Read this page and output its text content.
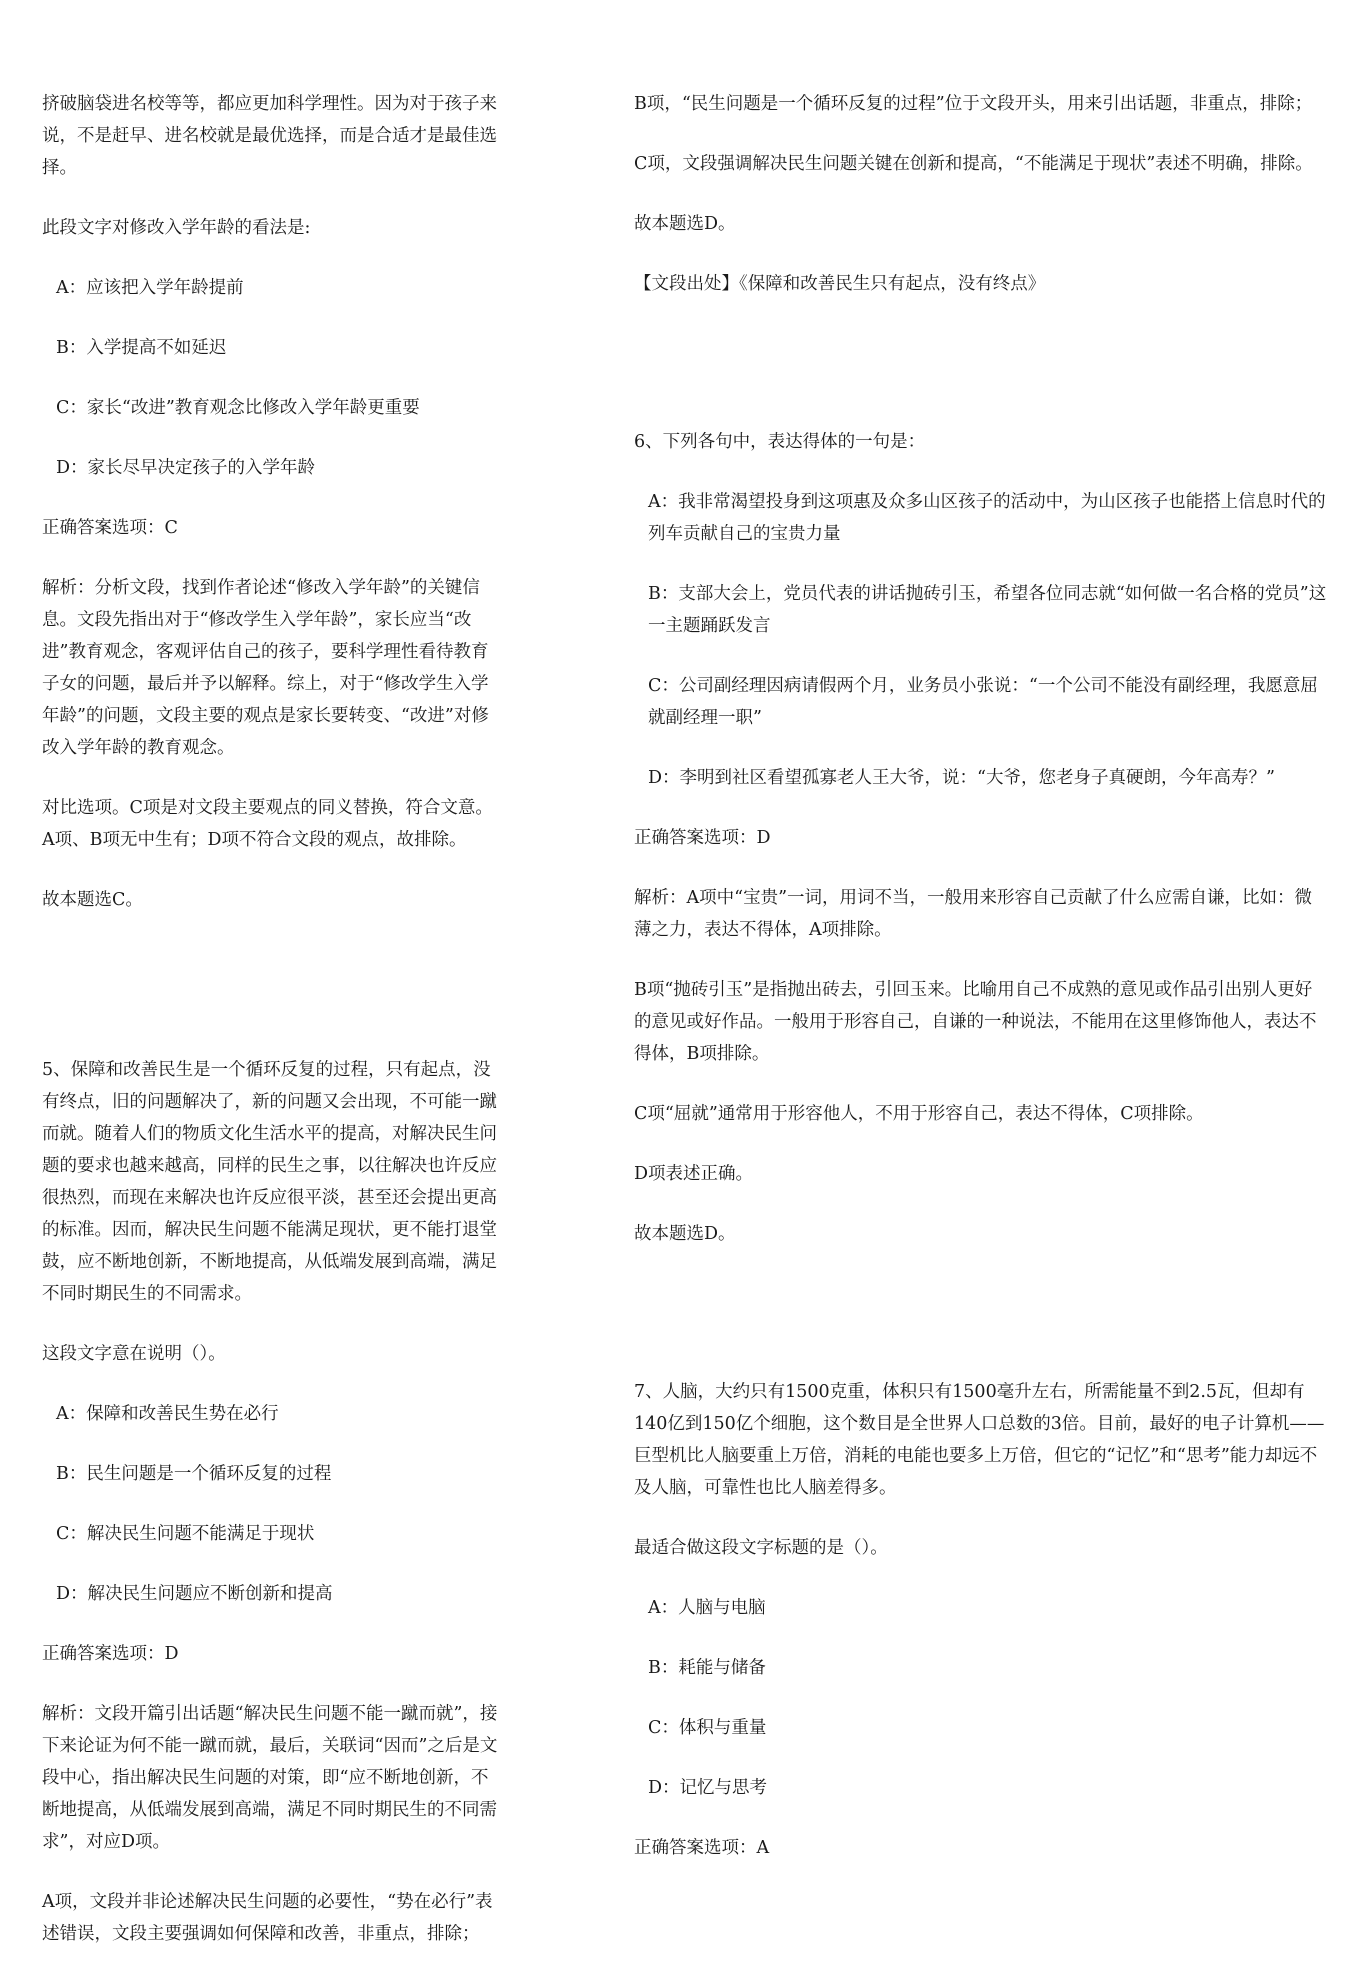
挤破脑袋进名校等等，都应更加科学理性。因为对于孩子来说，不是赶早、进名校就是最优选择，而是合适才是最佳选择。

此段文字对修改入学年龄的看法是:

A：应该把入学年龄提前

B：入学提高不如延迟

C：家长“改进”教育观念比修改入学年龄更重要

D：家长尽早决定孩子的入学年龄

正确答案选项：C

解析：分析文段，找到作者论述“修改入学年龄”的关键信息。文段先指出对于“修改学生入学年龄”，家长应当“改进”教育观念，客观评估自己的孩子，要科学理性看待教育子女的问题，最后并予以解释。综上，对于“修改学生入学年龄”的问题，文段主要的观点是家长要转变、“改进”对修改入学年龄的教育观念。

对比选项。C项是对文段主要观点的同义替换，符合文意。A项、B项无中生有；D项不符合文段的观点，故排除。

故本题选C。

5、保障和改善民生是一个循环反复的过程，只有起点，没有终点，旧的问题解决了，新的问题又会出现，不可能一蹴而就。随着人们的物质文化生活水平的提高，对解决民生问题的要求也越来越高，同样的民生之事，以往解决也许反应很热烈，而现在来解决也许反应很平淡，甚至还会提出更高的标准。因而，解决民生问题不能满足现状，更不能打退堂鼓，应不断地创新，不断地提高，从低端发展到高端，满足不同时期民生的不同需求。

这段文字意在说明（）。

A：保障和改善民生势在必行

B：民生问题是一个循环反复的过程

C：解决民生问题不能满足于现状

D：解决民生问题应不断创新和提高

正确答案选项：D

解析：文段开篇引出话题“解决民生问题不能一蹴而就”，接下来论证为何不能一蹴而就，最后，关联词“因而”之后是文段中心，指出解决民生问题的对策，即“应不断地创新，不断地提高，从低端发展到高端，满足不同时期民生的不同需求”，对应D项。

A项，文段并非论述解决民生问题的必要性，“势在必行”表述错误，文段主要强调如何保障和改善，非重点，排除；

B项，“民生问题是一个循环反复的过程”位于文段开头，用来引出话题，非重点，排除；

C项，文段强调解决民生问题关键在创新和提高，“不能满足于现状”表述不明确，排除。

故本题选D。

【文段出处】《保障和改善民生只有起点，没有终点》

6、下列各句中，表达得体的一句是：

A：我非常渴望投身到这项惠及众多山区孩子的活动中，为山区孩子也能搭上信息时代的列车贡献自己的宝贵力量

B：支部大会上，党员代表的讲话抛砖引玉，希望各位同志就“如何做一名合格的党员”这一主题踊跃发言

C：公司副经理因病请假两个月，业务员小张说：“一个公司不能没有副经理，我愿意屈就副经理一职”

D：李明到社区看望孤寡老人王大爷，说：“大爷，您老身子真硬朗，今年高寿？”

正确答案选项：D

解析：A项中“宝贵”一词，用词不当，一般用来形容自己贡献了什么应需自谦，比如：微薄之力，表达不得体，A项排除。

B项“抛砖引玉”是指抛出砖去，引回玉来。比喻用自己不成熟的意见或作品引出别人更好的意见或好作品。一般用于形容自己，自谦的一种说法，不能用在这里修饰他人，表达不得体，B项排除。

C项“屈就”通常用于形容他人，不用于形容自己，表达不得体，C项排除。

D项表述正确。

故本题选D。

7、人脑，大约只有1500克重，体积只有1500毫升左右，所需能量不到2.5瓦，但却有140亿到150亿个细胞，这个数目是全世界人口总数的3倍。目前，最好的电子计算机——

巨型机比人脑要重上万倍，消耗的电能也要多上万倍，但它的“记忆”和“思考”能力却远不及人脑，可靠性也比人脑差得多。

最适合做这段文字标题的是（）。

A：人脑与电脑

B：耗能与储备

C：体积与重量

D：记忆与思考

正确答案选项：A
